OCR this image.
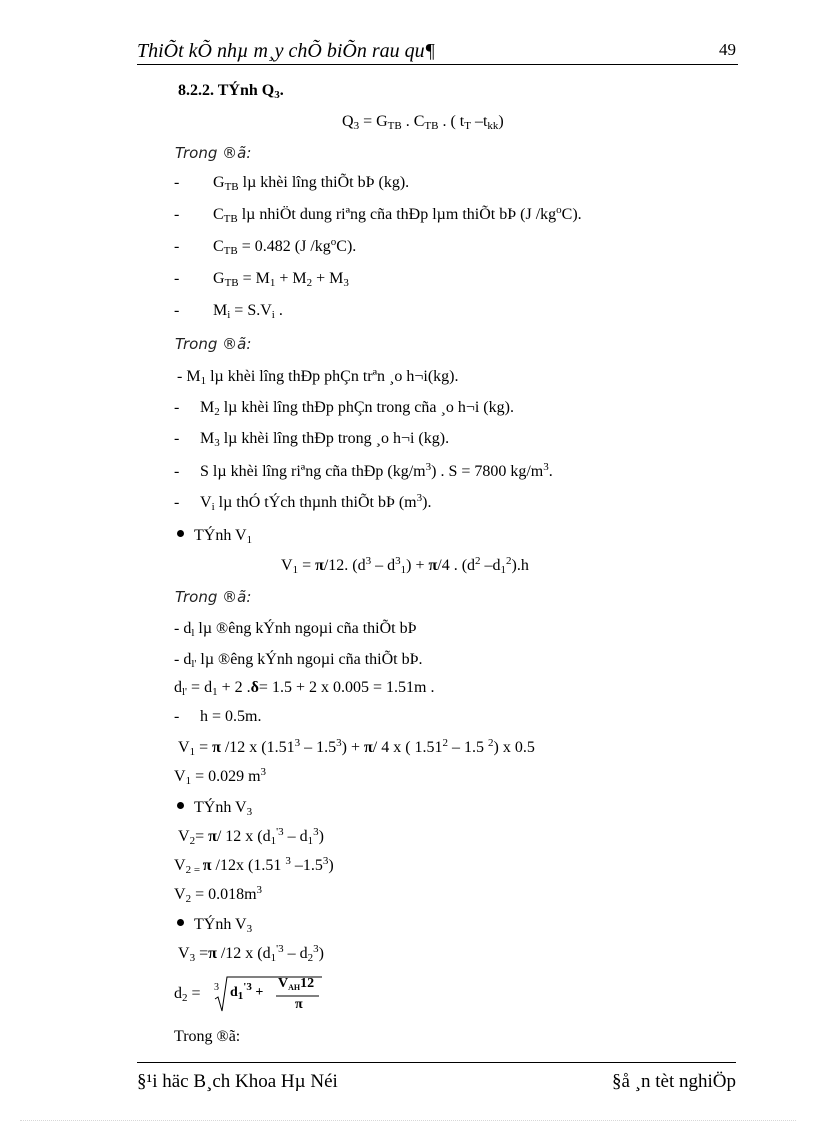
ThiÕt kÕ nhµ m¸y chÕ biÕn rau qu¶	49
8.2.2. TÝnh $Q_3$.
$Q_3 = G_{TB}$ . $C_{TB}$ . ( $t_T$ $-t_{kk}$)
Trong ®ã:
- $G_{TB}$ lµ khèi lîng thiÕt bÞ (kg).
- $C_{TB}$ lµ nhiÖt dung riªng cña thÐp lµm thiÕt bÞ (J $/kg^oC$).
- $C_{TB} = 0.482$ (J $/kg^oC$).
- $G_{TB} = M_1 + M_2 + M_3$
- $M_i = S.V_i$ .
Trong ®ã:
- $M_1$ lµ khèi lîng thÐp phÇn trªn ¸o h¬i(kg).
- $M_2$ lµ khèi lîng thÐp phÇn trong cña ¸o h¬i (kg).
- $M_3$ lµ khèi lîng thÐp trong ¸o h¬i (kg).
- S lµ khèi lîng riªng cña thÐp $(kg/m^3)$ . S = 7800 $kg/m^3$.
- $V_i$ lµ thÓ tÝch thµnh thiÕt bÞ $(m^3)$.
TÝnh $V_1$
$V_1 = \pi/12$. $(d^3 - d^3_1) + \pi/4$ . ($d^2$ $-d_1^2).h$
Trong ®ã:
- $d_l$ lµ ®êng kÝnh ngoµi cña thiÕt bÞ
- $d_{l'}$ lµ ®êng kÝnh ngoµi cña thiÕt bÞ.
$d_{l'} = d_1 + 2$ .δ= 1.5 + 2 x 0.005 = 1.51m .
- h = 0.5m.
$V_1 = \pi$ /12 x $(1.51^3 - 1.5^3) + \pi/$ 4 x ( 1.51$^2$ – 1.5 $^2$) x 0.5
$V_1 = 0.029$ $m^3$
TÝnh $V_3$
$V_2= \pi/$ 12 x $(d_1^{'3} - d_1^3)$
$V_{2 =}$ π /12x (1.51 $^3$ $-1.5^3$)
$V_2 = 0.018m^3$
TÝnh $V_3$
$V_3 =\pi$ /12 x $(d_1^{'3} - d_2^3)$
$d_2 = 3$ $d_1^{'3}$ +
$V_{AH}12$
π
Trong ®ã:
§¹i häc B¸ch Khoa Hµ Néi	§å ¸n tèt nghiÖp
